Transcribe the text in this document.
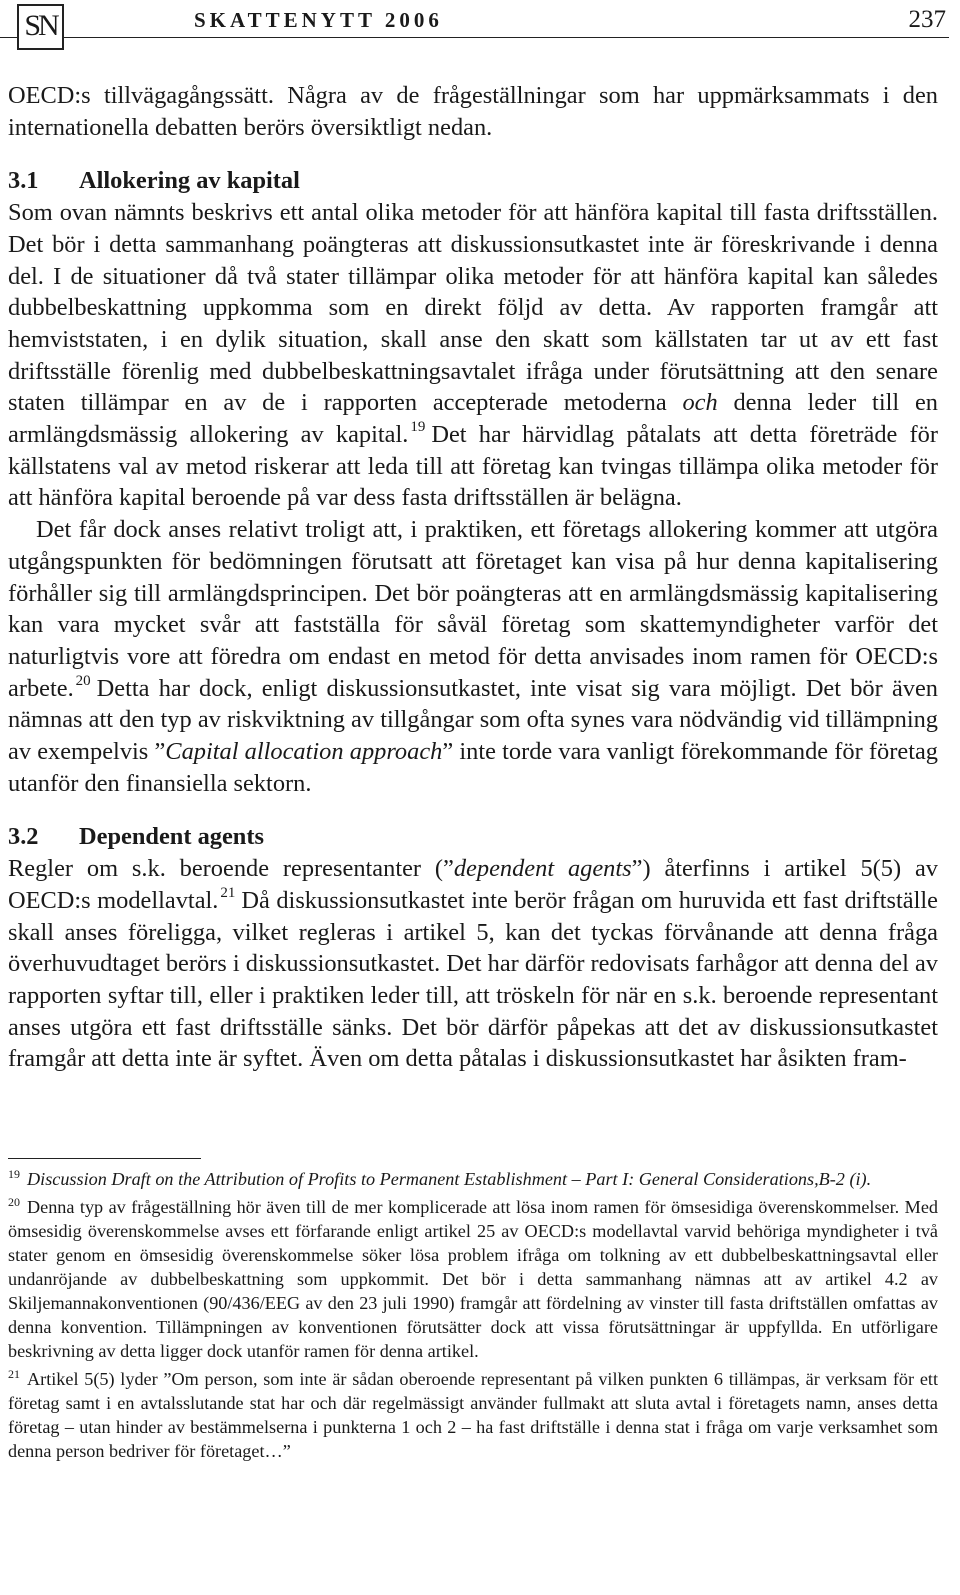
SN	SKATTENYTT 2006	237

OECD:s tillvägagångssätt. Några av de frågeställningar som har uppmärksammats i den internationella debatten berörs översiktligt nedan.

3.1 Allokering av kapital

Som ovan nämnts beskrivs ett antal olika metoder för att hänföra kapital till fasta driftsställen. Det bör i detta sammanhang poängteras att diskussionsutkastet inte är föreskrivande i denna del. I de situationer då två stater tillämpar olika metoder för att hänföra kapital kan således dubbelbeskattning uppkomma som en direkt följd av detta. Av rapporten framgår att hemviststaten, i en dylik situation, skall anse den skatt som källstaten tar ut av ett fast driftsställe förenlig med dubbelbeskattningsavtalet ifråga under förutsättning att den senare staten tillämpar en av de i rapporten accepterade metoderna och denna leder till en armlängdsmässig allokering av kapital. $^{19}$ Det har härvidlag påtalats att detta företräde för källstatens val av metod riskerar att leda till att företag kan tvingas tillämpa olika metoder för att hänföra kapital beroende på var dess fasta driftsställen är belägna.

Det får dock anses relativt troligt att, i praktiken, ett företags allokering kommer att utgöra utgångspunkten för bedömningen förutsatt att företaget kan visa på hur denna kapitalisering förhåller sig till armlängdsprincipen. Det bör poängteras att en armlängdsmässig kapitalisering kan vara mycket svår att fastställa för såväl företag som skattemyndigheter varför det naturligtvis vore att föredra om endast en metod för detta anvisades inom ramen för OECD:s arbete. $^{20}$ Detta har dock, enligt diskussionsutkastet, inte visat sig vara möjligt. Det bör även nämnas att den typ av riskviktning av tillgångar som ofta synes vara nödvändig vid tillämpning av exempelvis ”Capital allocation approach” inte torde vara vanligt förekommande för företag utanför den finansiella sektorn.

3.2 Dependent agents

Regler om s.k. beroende representanter (”dependent agents”) återfinns i artikel 5(5) av OECD:s modellavtal. $^{21}$ Då diskussionsutkastet inte berör frågan om huruvida ett fast driftställe skall anses föreligga, vilket regleras i artikel 5, kan det tyckas förvånande att denna fråga överhuvudtaget berörs i diskussionsutkastet. Det har därför redovisats farhågor att denna del av rapporten syftar till, eller i praktiken leder till, att tröskeln för när en s.k. beroende representant anses utgöra ett fast driftsställe sänks. Det bör därför påpekas att det av diskussionsutkastet framgår att detta inte är syftet. Även om detta påtalas i diskussionsutkastet har åsikten fram-

$^{19}$ Discussion Draft on the Attribution of Profits to Permanent Establishment – Part I: General Considerations,B-2 (i).

$^{20}$ Denna typ av frågeställning hör även till de mer komplicerade att lösa inom ramen för ömsesidiga överenskommelser. Med ömsesidig överenskommelse avses ett förfarande enligt artikel 25 av OECD:s modellavtal varvid behöriga myndigheter i två stater genom en ömsesidig överenskommelse söker lösa problem ifråga om tolkning av ett dubbelbeskattningsavtal eller undanröjande av dubbelbeskattning som uppkommit. Det bör i detta sammanhang nämnas att av artikel 4.2 av Skiljemannakonventionen (90/436/EEG av den 23 juli 1990) framgår att fördelning av vinster till fasta driftställen omfattas av denna konvention. Tillämpningen av konventionen förutsätter dock att vissa förutsättningar är uppfyllda. En utförligare beskrivning av detta ligger dock utanför ramen för denna artikel.

$^{21}$ Artikel 5(5) lyder ”Om person, som inte är sådan oberoende representant på vilken punkten 6 tillämpas, är verksam för ett företag samt i en avtalsslutande stat har och där regelmässigt använder fullmakt att sluta avtal i företagets namn, anses detta företag – utan hinder av bestämmelserna i punkterna 1 och 2 – ha fast driftställe i denna stat i fråga om varje verksamhet som denna person bedriver för företaget…”
